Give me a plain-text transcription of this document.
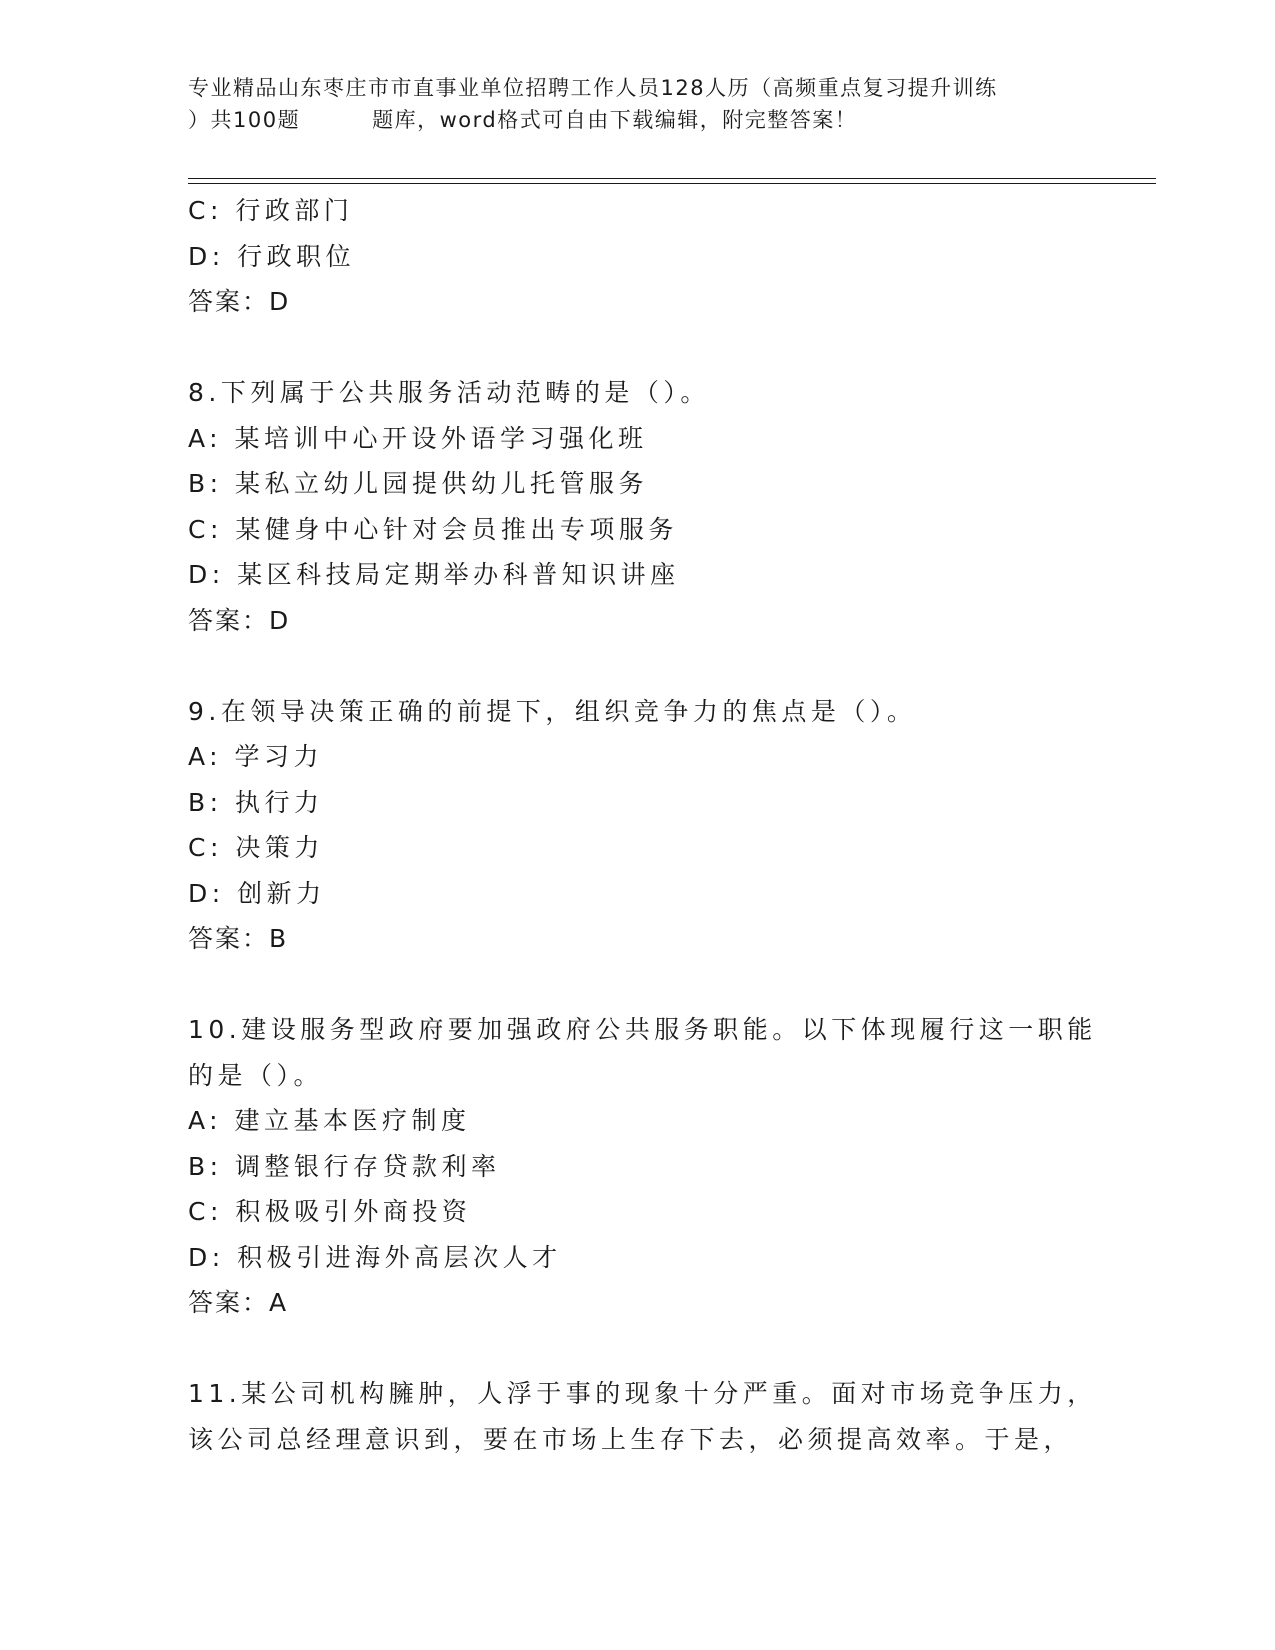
专业精品山东枣庄市市直事业单位招聘工作人员128人历（高频重点复习提升训练
）共100题	题库，word格式可自由下载编辑，附完整答案！
C: 行政部门
D: 行政职位
答案：D
8.下列属于公共服务活动范畴的是（）。
A: 某培训中心开设外语学习强化班
B: 某私立幼儿园提供幼儿托管服务
C: 某健身中心针对会员推出专项服务
D: 某区科技局定期举办科普知识讲座
答案：D
9.在领导决策正确的前提下，组织竞争力的焦点是（）。
A: 学习力
B: 执行力
C: 决策力
D: 创新力
答案：B
10.建设服务型政府要加强政府公共服务职能。以下体现履行这一职能
的是（）。
A: 建立基本医疗制度
B: 调整银行存贷款利率
C: 积极吸引外商投资
D: 积极引进海外高层次人才
答案：A
11.某公司机构臃肿，人浮于事的现象十分严重。面对市场竞争压力，
该公司总经理意识到，要在市场上生存下去，必须提高效率。于是，
